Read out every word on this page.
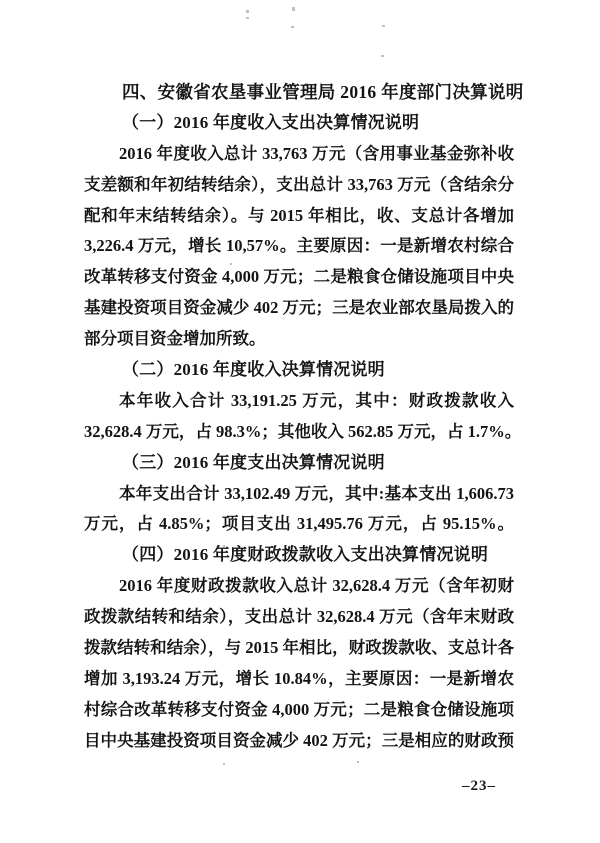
四、安徽省农垦事业管理局 2016 年度部门决算说明
（一）2016 年度收入支出决算情况说明
2016 年度收入总计 33,763 万元（含用事业基金弥补收
支差额和年初结转结余），支出总计 33,763 万元（含结余分
配和年末结转结余）。与 2015 年相比，收、支总计各增加
3,226.4 万元，增长 10,57%。主要原因：一是新增农村综合
改革转移支付资金 4,000 万元；二是粮食仓储设施项目中央
基建投资项目资金减少 402 万元；三是农业部农垦局拨入的
部分项目资金增加所致。
（二）2016 年度收入决算情况说明
本年收入合计 33,191.25 万元，其中：财政拨款收入
32,628.4 万元，占 98.3%；其他收入 562.85 万元，占 1.7%。
（三）2016 年度支出决算情况说明
本年支出合计 33,102.49 万元，其中:基本支出 1,606.73
万元，占 4.85%；项目支出 31,495.76 万元，占 95.15%。
（四）2016 年度财政拨款收入支出决算情况说明
2016 年度财政拨款收入总计 32,628.4 万元（含年初财
政拨款结转和结余），支出总计 32,628.4 万元（含年末财政
拨款结转和结余），与 2015 年相比，财政拨款收、支总计各
增加 3,193.24 万元，增长 10.84%，主要原因：一是新增农
村综合改革转移支付资金 4,000 万元；二是粮食仓储设施项
目中央基建投资项目资金减少 402 万元；三是相应的财政预
–23–
